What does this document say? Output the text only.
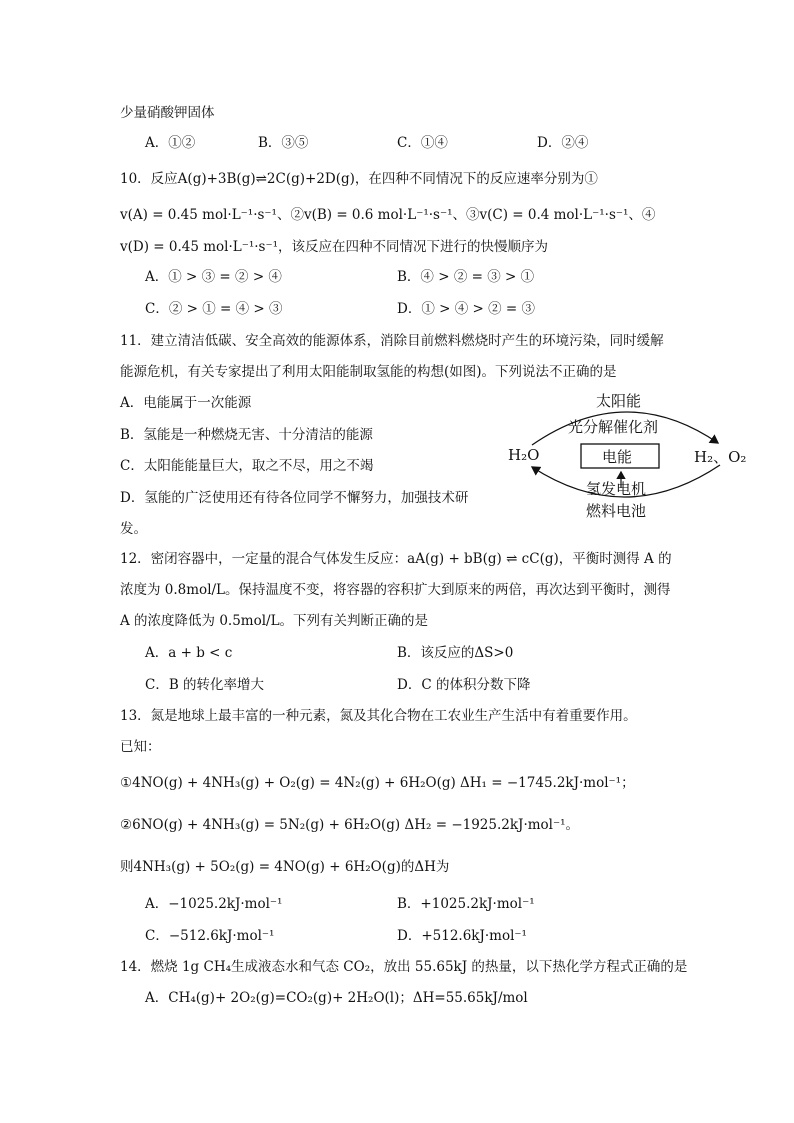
少量硝酸钾固体
A．①②	B．③⑤	C．①④	D．②④
10．反应A(g)+3B(g)⇌2C(g)+2D(g)，在四种不同情况下的反应速率分别为①
v(A) = 0.45 mol·L⁻¹·s⁻¹、②v(B) = 0.6 mol·L⁻¹·s⁻¹、③v(C) = 0.4 mol·L⁻¹·s⁻¹、④
v(D) = 0.45 mol·L⁻¹·s⁻¹，该反应在四种不同情况下进行的快慢顺序为
A．① > ③ = ② > ④	B．④ > ② = ③ > ①
C．② > ① = ④ > ③	D．① > ④ > ② = ③
11．建立清洁低碳、安全高效的能源体系，消除目前燃料燃烧时产生的环境污染，同时缓解
能源危机，有关专家提出了利用太阳能制取氢能的构想(如图)。下列说法不正确的是
A．电能属于一次能源
B．氢能是一种燃烧无害、十分清洁的能源
C．太阳能能量巨大，取之不尽，用之不竭
D．氢能的广泛使用还有待各位同学不懈努力，加强技术研
发。
太阳能
光分解催化剂
H₂O	电能	H₂、O₂
氢发电机
燃料电池
12．密闭容器中，一定量的混合气体发生反应：aA(g) + bB(g) ⇌ cC(g)，平衡时测得 A 的
浓度为 0.8mol/L。保持温度不变，将容器的容积扩大到原来的两倍，再次达到平衡时，测得
A 的浓度降低为 0.5mol/L。下列有关判断正确的是
A．a + b < c	B．该反应的ΔS>0
C．B 的转化率增大	D．C 的体积分数下降
13．氮是地球上最丰富的一种元素，氮及其化合物在工农业生产生活中有着重要作用。
已知：
①4NO(g) + 4NH₃(g) + O₂(g) = 4N₂(g) + 6H₂O(g) ΔH₁ = −1745.2kJ·mol⁻¹；
②6NO(g) + 4NH₃(g) = 5N₂(g) + 6H₂O(g) ΔH₂ = −1925.2kJ·mol⁻¹。
则4NH₃(g) + 5O₂(g) = 4NO(g) + 6H₂O(g)的ΔH为
A．−1025.2kJ·mol⁻¹	B．+1025.2kJ·mol⁻¹
C．−512.6kJ·mol⁻¹	D．+512.6kJ·mol⁻¹
14．燃烧 1g CH₄生成液态水和气态 CO₂，放出 55.65kJ 的热量，以下热化学方程式正确的是
A．CH₄(g)+ 2O₂(g)=CO₂(g)+ 2H₂O(l)；ΔH=55.65kJ/mol
